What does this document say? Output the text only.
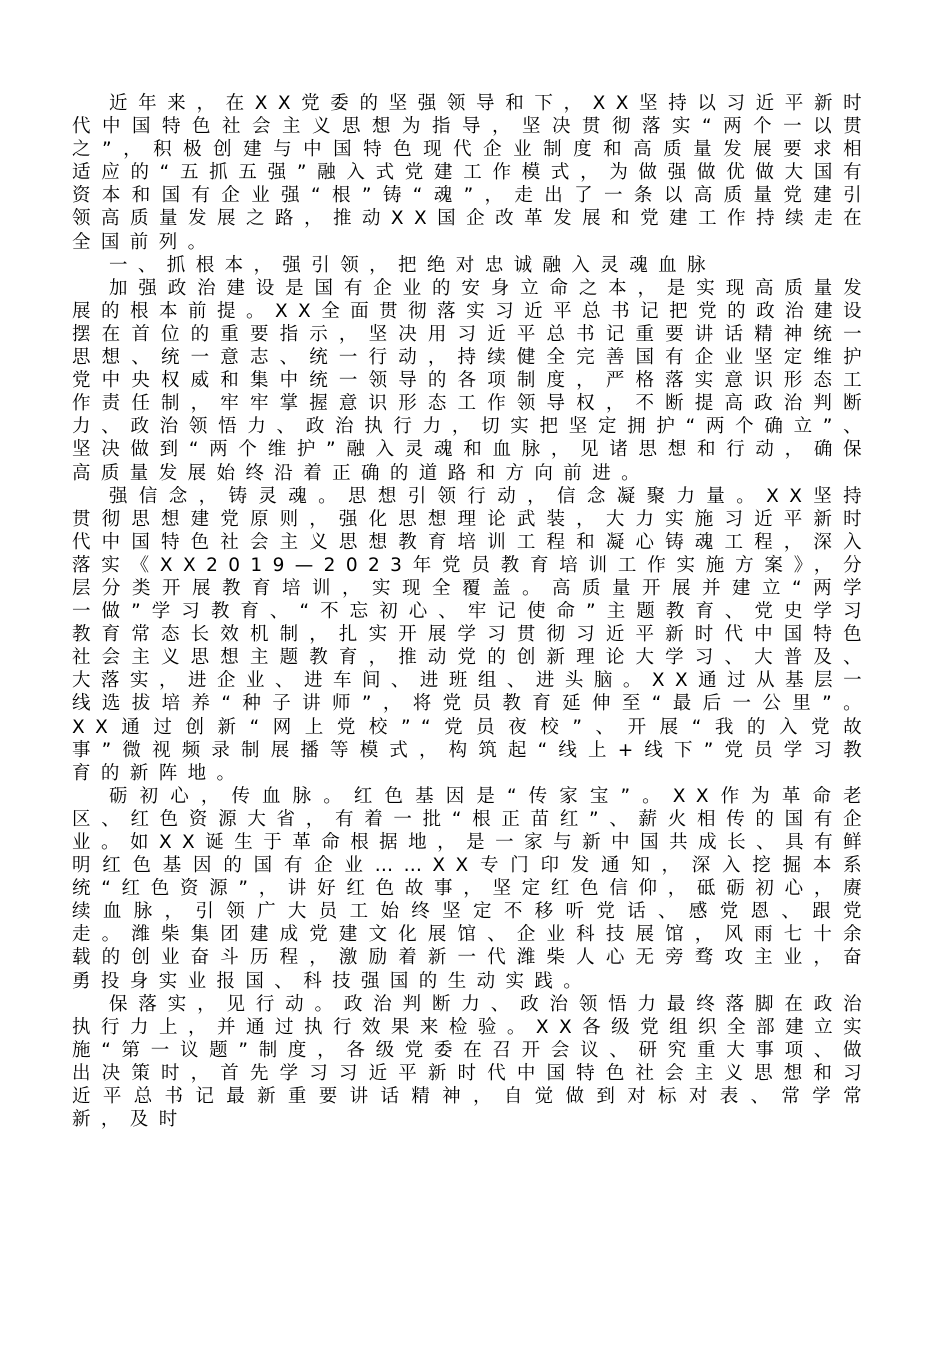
近年来，在XX党委的坚强领导和下，XX坚持以习近平新时代中国特色社会主义思想为指导，坚决贯彻落实“两个一以贯之”，积极创建与中国特色现代企业制度和高质量发展要求相适应的“五抓五强”融入式党建工作模式，为做强做优做大国有资本和国有企业强“根”铸“魂”，走出了一条以高质量党建引领高质量发展之路，推动XX国企改革发展和党建工作持续走在全国前列。

一、抓根本，强引领，把绝对忠诚融入灵魂血脉

加强政治建设是国有企业的安身立命之本，是实现高质量发展的根本前提。XX全面贯彻落实习近平总书记把党的政治建设摆在首位的重要指示，坚决用习近平总书记重要讲话精神统一思想、统一意志、统一行动，持续健全完善国有企业坚定维护党中央权威和集中统一领导的各项制度，严格落实意识形态工作责任制，牢牢掌握意识形态工作领导权，不断提高政治判断力、政治领悟力、政治执行力，切实把坚定拥护“两个确立”、坚决做到“两个维护”融入灵魂和血脉，见诸思想和行动，确保高质量发展始终沿着正确的道路和方向前进。

强信念，铸灵魂。思想引领行动，信念凝聚力量。XX坚持贯彻思想建党原则，强化思想理论武装，大力实施习近平新时代中国特色社会主义思想教育培训工程和凝心铸魂工程，深入落实《XX2019—2023年党员教育培训工作实施方案》，分层分类开展教育培训，实现全覆盖。高质量开展并建立“两学一做”学习教育、“不忘初心、牢记使命”主题教育、党史学习教育常态长效机制，扎实开展学习贯彻习近平新时代中国特色社会主义思想主题教育，推动党的创新理论大学习、大普及、大落实，进企业、进车间、进班组、进头脑。XX通过从基层一线选拔培养“种子讲师”，将党员教育延伸至“最后一公里”。XX通过创新“网上党校”“党员夜校”、开展“我的入党故事”微视频录制展播等模式，构筑起“线上+线下”党员学习教育的新阵地。

砺初心，传血脉。红色基因是“传家宝”。XX作为革命老区、红色资源大省，有着一批“根正苗红”、薪火相传的国有企业。如XX诞生于革命根据地，是一家与新中国共成长、具有鲜明红色基因的国有企业……XX专门印发通知，深入挖掘本系统“红色资源”，讲好红色故事，坚定红色信仰，砥砺初心，赓续血脉，引领广大员工始终坚定不移听党话、感党恩、跟党走。潍柴集团建成党建文化展馆、企业科技展馆，风雨七十余载的创业奋斗历程，激励着新一代潍柴人心无旁骛攻主业，奋勇投身实业报国、科技强国的生动实践。

保落实，见行动。政治判断力、政治领悟力最终落脚在政治执行力上，并通过执行效果来检验。XX各级党组织全部建立实施“第一议题”制度，各级党委在召开会议、研究重大事项、做出决策时，首先学习习近平新时代中国特色社会主义思想和习近平总书记最新重要讲话精神，自觉做到对标对表、常学常新，及时
